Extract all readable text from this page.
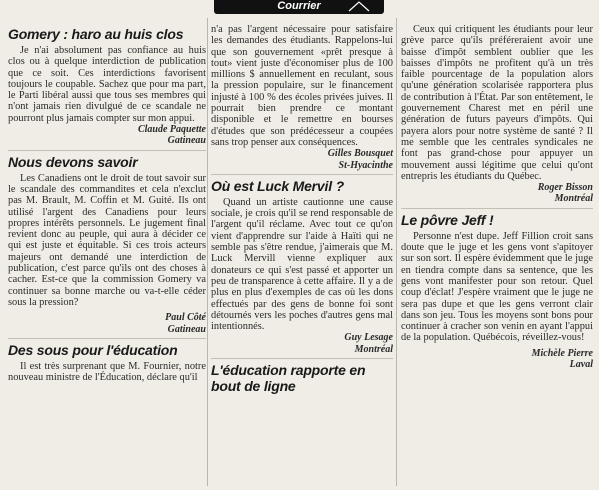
Courrier
Gomery : haro au huis clos

Je n'ai absolument pas confiance au huis clos ou à quelque interdiction de publication que ce soit. Ces interdictions favorisent toujours le coupable. Sachez que pour ma part, le Parti libéral aussi que tous ses membres qui n'ont jamais rien divulgué de ce scandale ne pourront plus jamais compter sur mon appui.

Claude Paquette

Gatineau

Nous devons savoir

Les Canadiens ont le droit de tout savoir sur le scandale des commandites et cela n'exclut pas M. Brault, M. Coffin et M. Guité. Ils ont utilisé l'argent des Canadiens pour leurs propres intérêts personnels. Le jugement final revient donc au peuple, qui aura à décider ce qui est juste et équitable. Si ces trois acteurs majeurs ont demandé une interdiction de publication, c'est parce qu'ils ont des choses à cacher. Est-ce que la commission Gomery va continuer sa bonne marche ou va-t-elle céder sous la pression?

Paul Côté

Gatineau

Des sous pour l'éducation

Il est très surprenant que M. Fournier, notre nouveau ministre de l'Éducation, déclare qu'il

n'a pas l'argent nécessaire pour satisfaire les demandes des étudiants. Rappelons-lui que son gouvernement «prêt presque à tout» vient juste d'économiser plus de 100 millions $ annuellement en reculant, sous la pression populaire, sur le financement injusté à 100 % des écoles privées juives. Il pourrait bien prendre ce montant disponible et le remettre en bourses d'études que son prédécesseur a coupées sans trop penser aux conséquences.

Gilles Bousquet

St-Hyacinthe

Où est Luck Mervil ?

Quand un artiste cautionne une cause sociale, je crois qu'il se rend responsable de l'argent qu'il réclame. Avec tout ce qu'on vient d'apprendre sur l'aide à Haïti qui ne semble pas s'être rendue, j'aimerais que M. Luck Mervill vienne expliquer aux donateurs ce qui s'est passé et apporter un peu de transparence à cette affaire. Il y a de plus en plus d'exemples de cas où les dons effectués par des gens de bonne foi sont détournés vers les poches d'autres gens mal intentionnés.

Guy Lesage

Montréal

L'éducation rapporte en bout de ligne

Ceux qui critiquent les étudiants pour leur grève parce qu'ils préféreraient avoir une baisse d'impôt semblent oublier que les baisses d'impôts ne profitent qu'à un très faible pourcentage de la population alors qu'une génération scolarisée rapportera plus de contribution à l'État. Par son entêtement, le gouvernement Charest met en péril une génération de futurs payeurs d'impôts. Qui payera alors pour notre système de santé ? Il me semble que les centrales syndicales ne font pas grand-chose pour appuyer un mouvement aussi légitime que celui qu'ont entrepris les étudiants du Québec.

Roger Bisson

Montréal

Le pôvre Jeff !

Personne n'est dupe. Jeff Fillion croit sans doute que le juge et les gens vont s'apitoyer sur son sort. Il espère évidemment que le juge en tiendra compte dans sa sentence, que les gens vont manifester pour son retour. Quel coup d'éclat! J'espère vraiment que le juge ne sera pas dupe et que les gens verront clair dans son jeu. Tous les moyens sont bons pour continuer à cracher son venin en ayant l'appui de la population. Québécois, réveillez-vous!

Michèle Pierre

Laval
